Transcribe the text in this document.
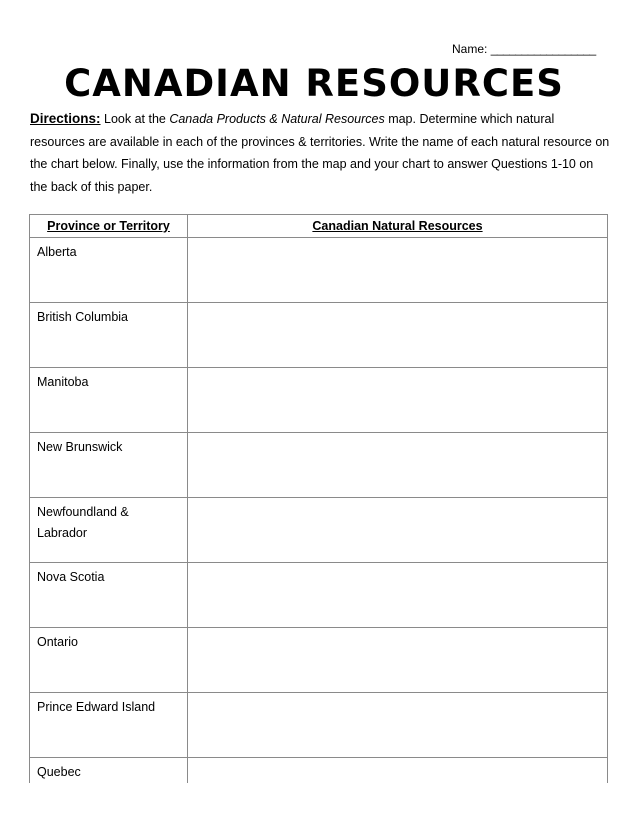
Name: _________________
CANADIAN RESOURCES
Directions: Look at the Canada Products & Natural Resources map. Determine which natural resources are available in each of the provinces & territories. Write the name of each natural resource on the chart below. Finally, use the information from the map and your chart to answer Questions 1-10 on the back of this paper.
Province or Territory	Canadian Natural Resources
Alberta	
British Columbia	
Manitoba	
New Brunswick	
Newfoundland & Labrador	
Nova Scotia	
Ontario	
Prince Edward Island	
Quebec	
